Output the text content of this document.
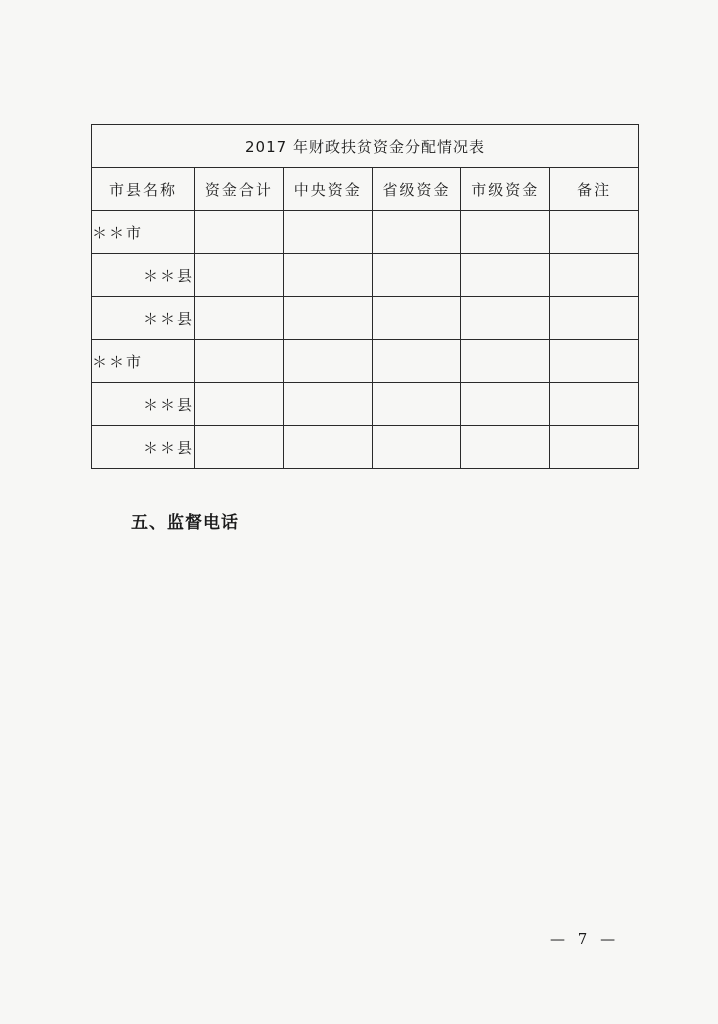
2017 年财政扶贫资金分配情况表					
市县名称	资金合计	中央资金	省级资金	市级资金	备注
＊＊市					
＊＊县					
＊＊县					
＊＊市					
＊＊县					
＊＊县					
五、监督电话
— 7 —
